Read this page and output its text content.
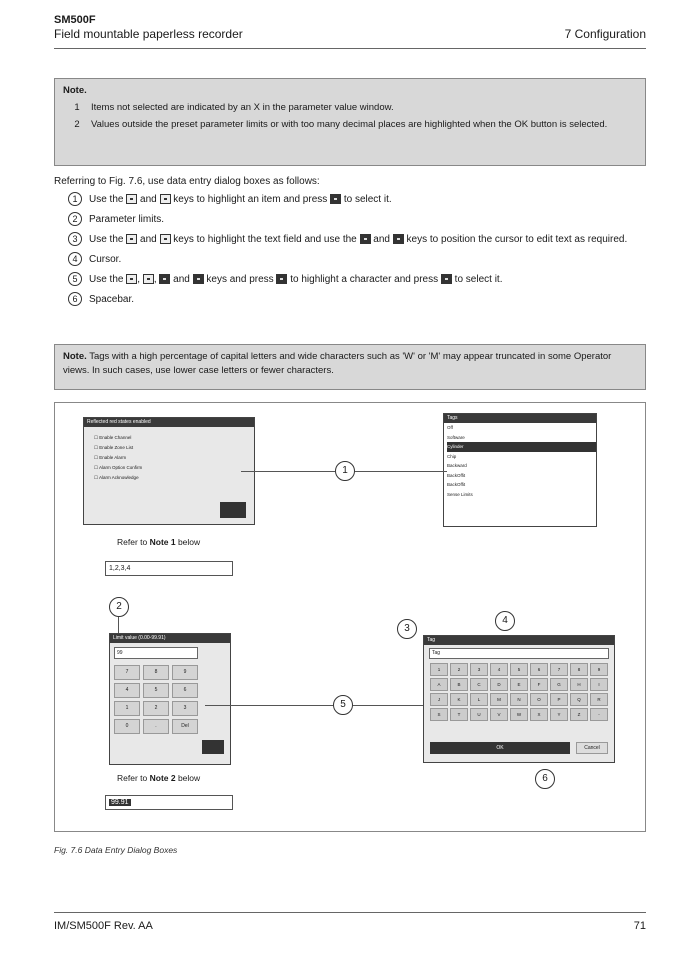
SM500F
Field mountable paperless recorder	7 Configuration
Note.
1	Items not selected are indicated by an X in the parameter value window.
2	Values outside the preset parameter limits or with too many decimal places are highlighted when the OK button is selected.
Referring to Fig. 7.6, use data entry dialog boxes as follows:
1	Use the and keys to highlight an item and press to select it.
2	Parameter limits.
3	Use the and keys to highlight the text field and use the and keys to position the cursor to edit text as required.
4	Cursor.
5	Use the , , and keys and press to highlight a character and press to select it.
6	Spacebar.
Note. Tags with a high percentage of capital letters and wide characters such as 'W' or 'M' may appear truncated in some Operator views. In such cases, use lower case letters or fewer characters.
Reflected red states enabled
☐ Enable Channel
☐ Enable Zone List
☐ Enable Alarm
☐ Alarm Option Confirm
☐ Alarm Acknowledge
Tags
Off
Software
Cylinder
Chip
Backward
BackOffit
BackOffit
Sense Limits
1
Refer to Note 1 below
1,2,3,4
2
Limit value (0.00-99.91)
99
7	8	9
4	5	6
1	2	3
0	.	Del
Refer to Note 2 below
99.91
5
3
4
6
Tag
Tag
1	2	3	4	5	6	7	8	9
A	B	C	D	E	F	G	H	I
J	K	L	M	N	O	P	Q	R
S	T	U	V	W	X	Y	Z	-
OK	Cancel
Fig. 7.6 Data Entry Dialog Boxes
IM/SM500F Rev. AA	71
